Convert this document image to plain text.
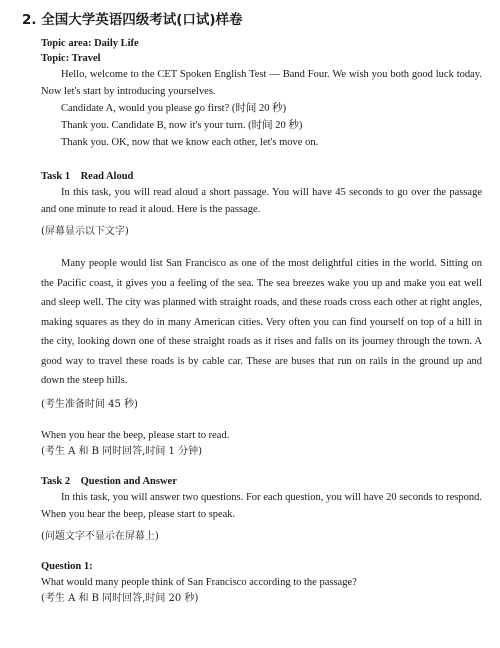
2. 全国大学英语四级考试(口试)样卷
Topic area: Daily Life
Topic: Travel
Hello, welcome to the CET Spoken English Test — Band Four. We wish you both good luck today. Now let's start by introducing yourselves.
Candidate A, would you please go first? (时间 20 秒)
Thank you. Candidate B, now it's your turn. (时间 20 秒)
Thank you. OK, now that we know each other, let's move on.
Task 1    Read Aloud
In this task, you will read aloud a short passage. You will have 45 seconds to go over the passage and one minute to read it aloud. Here is the passage.
(屏幕显示以下文字)
Many people would list San Francisco as one of the most delightful cities in the world. Sitting on the Pacific coast, it gives you a feeling of the sea. The sea breezes wake you up and make you eat well and sleep well. The city was planned with straight roads, and these roads cross each other at right angles, making squares as they do in many American cities. Very often you can find yourself on top of a hill in the city, looking down one of these straight roads as it rises and falls on its journey through the town. A good way to travel these roads is by cable car. These are buses that run on rails in the ground up and down the steep hills.
(考生准备时间 45 秒)
When you hear the beep, please start to read.
(考生 A 和 B 同时回答,时间 1 分钟)
Task 2    Question and Answer
In this task, you will answer two questions. For each question, you will have 20 seconds to respond. When you hear the beep, please start to speak.
(问题文字不显示在屏幕上)
Question 1:
What would many people think of San Francisco according to the passage?
(考生 A 和 B 同时回答,时间 20 秒)
